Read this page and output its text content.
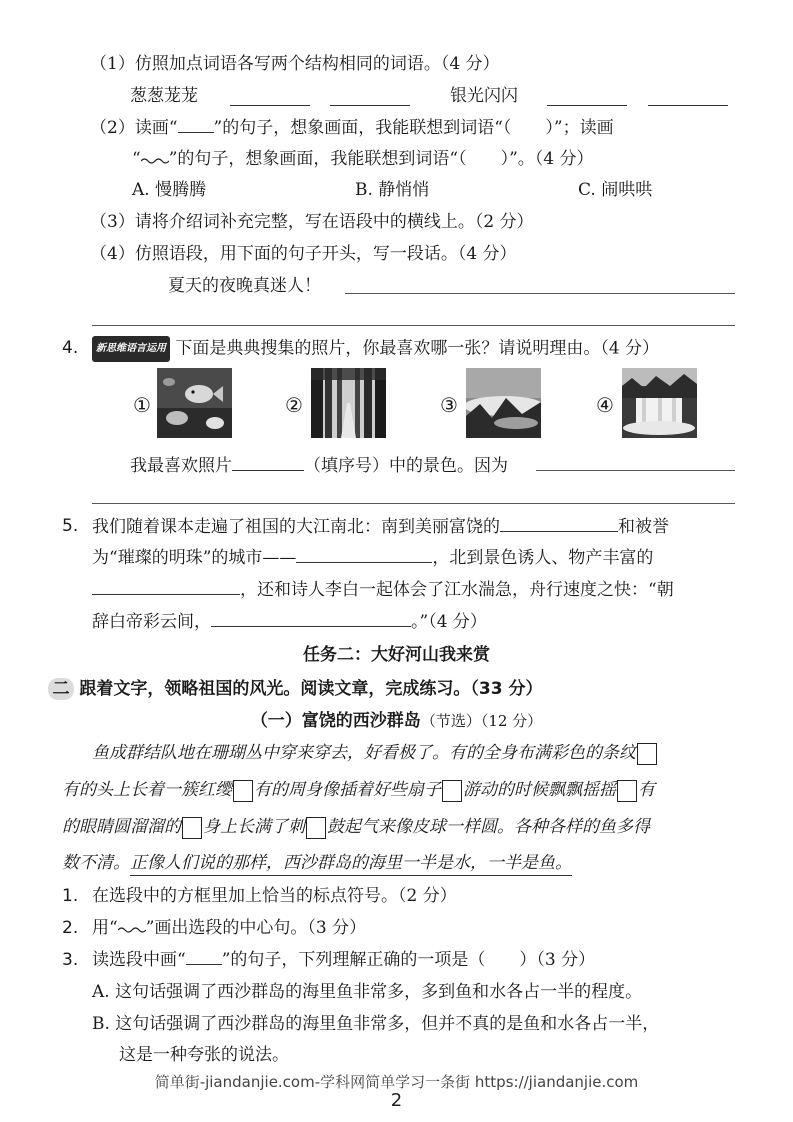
（1）仿照加点词语各写两个结构相同的词语。（4 分）
葱葱茏茏	银光闪闪
（2）读画“ ”的句子，想象画面，我能联想到词语“（　　）”；读画
“ ”的句子，想象画面，我能联想到词语“（　　）”。（4 分）
A. 慢腾腾	B. 静悄悄	C. 闹哄哄
（3）请将介绍词补充完整，写在语段中的横线上。（2 分）
（4）仿照语段，用下面的句子开头，写一段话。（4 分）
夏天的夜晚真迷人！
4.	新思维语言运用 下面是典典搜集的照片，你最喜欢哪一张？请说明理由。（4 分）
①	②	③	④
我最喜欢照片	（填序号）中的景色。因为
5. 我们随着课本走遍了祖国的大江南北：南到美丽富饶的	和被誉
为“璀璨的明珠”的城市——	，北到景色诱人、物产丰富的
，还和诗人李白一起体会了江水湍急，舟行速度之快：“朝
辞白帝彩云间，	。”（4 分）
任务二：大好河山我来赏
二 跟着文字，领略祖国的风光。阅读文章，完成练习。（33 分）
（一）富饶的西沙群岛（节选）（12 分）
鱼成群结队地在珊瑚丛中穿来穿去，好看极了。有的全身布满彩色的条纹
有的头上长着一簇红缨 有的周身像插着好些扇子 游动的时候飘飘摇摇 有
的眼睛圆溜溜的 身上长满了刺 鼓起气来像皮球一样圆。各种各样的鱼多得
数不清。正像人们说的那样，西沙群岛的海里一半是水，一半是鱼。
1. 在选段中的方框里加上恰当的标点符号。（2 分）
2. 用“ ”画出选段的中心句。（3 分）
3. 读选段中画“ ”的句子，下列理解正确的一项是（　　）（3 分）
A. 这句话强调了西沙群岛的海里鱼非常多，多到鱼和水各占一半的程度。
B. 这句话强调了西沙群岛的海里鱼非常多，但并不真的是鱼和水各占一半，
这是一种夸张的说法。
简单街-jiandanjie.com-学科网简单学习一条街 https://jiandanjie.com
2
